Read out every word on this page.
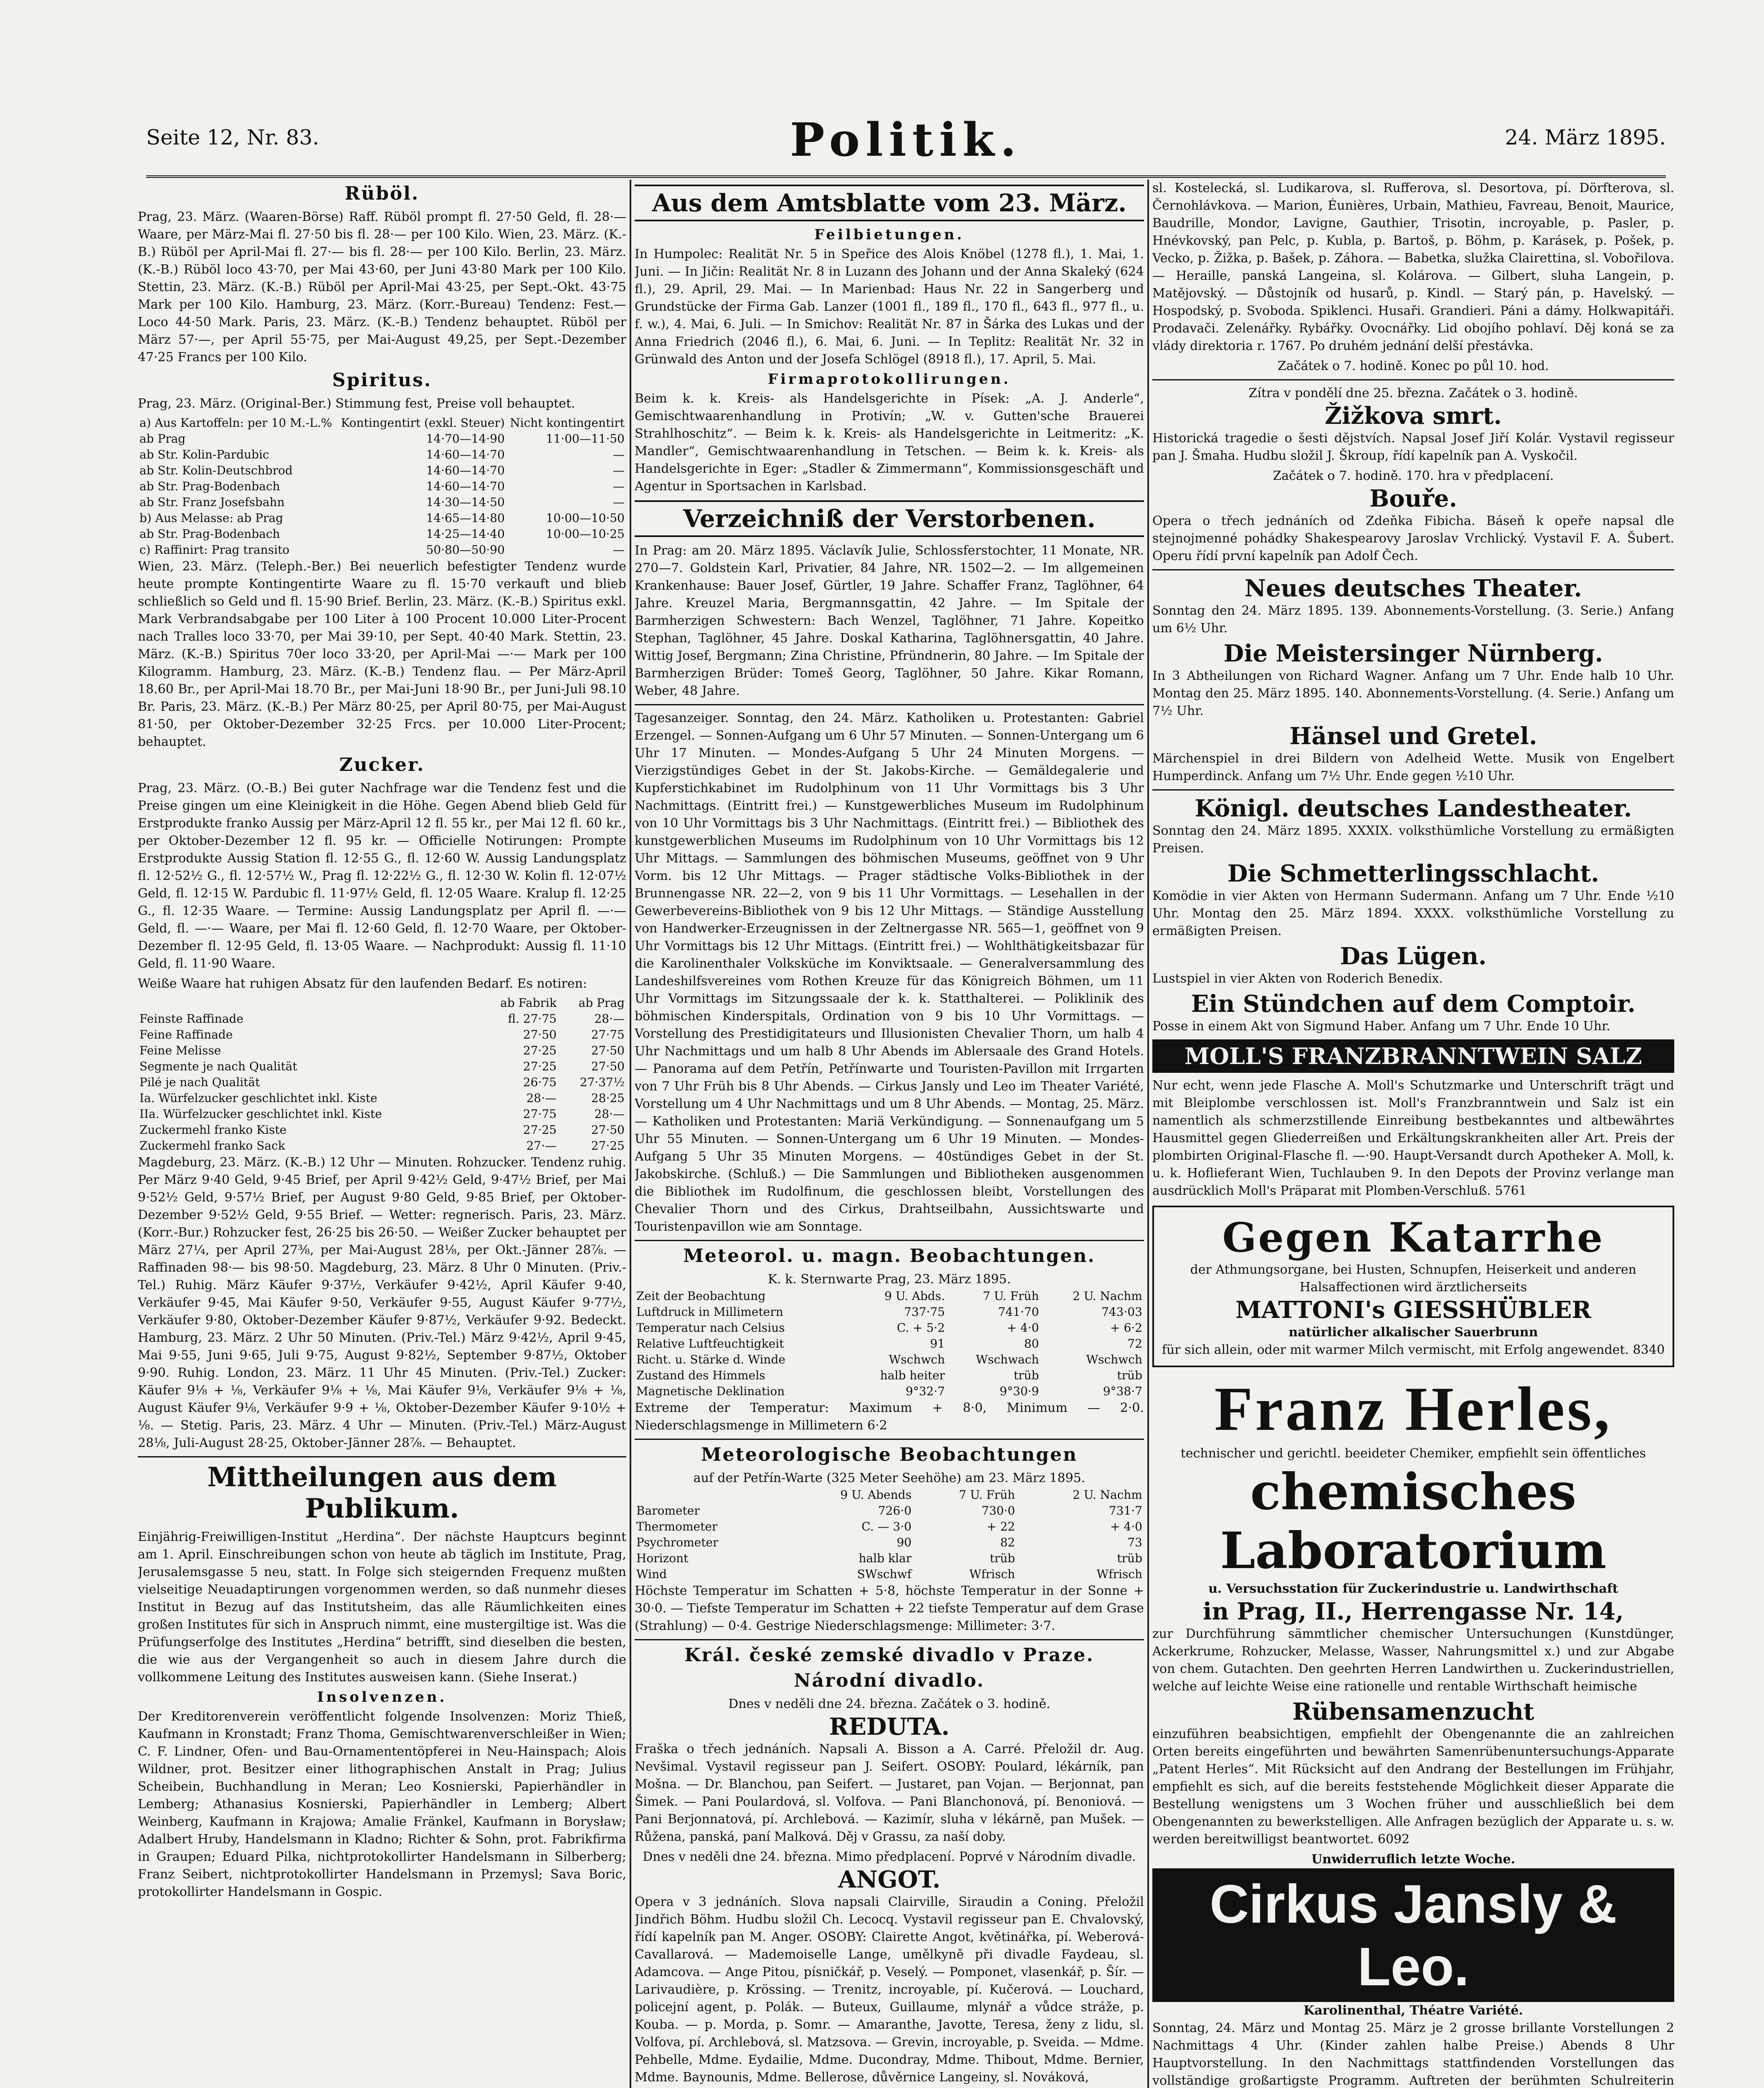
Seite 12, Nr. 83.	Politik.	24. März 1895.
Rüböl.

Prag, 23. März. (Waaren-Börse) Raff. Rüböl prompt fl. 27·50 Geld, fl. 28·— Waare, per März-Mai fl. 27·50 bis fl. 28·— per 100 Kilo. Wien, 23. März. (K.-B.) Rüböl per April-Mai fl. 27·— bis fl. 28·— per 100 Kilo. Berlin, 23. März. (K.-B.) Rüböl loco 43·70, per Mai 43·60, per Juni 43·80 Mark per 100 Kilo. Stettin, 23. März. (K.-B.) Rüböl per April-Mai 43·25, per Sept.-Okt. 43·75 Mark per 100 Kilo. Hamburg, 23. März. (Korr.-Bureau) Tendenz: Fest.— Loco 44·50 Mark. Paris, 23. März. (K.-B.) Tendenz behauptet. Rüböl per März 57·—, per April 55·75, per Mai-August 49,25, per Sept.-Dezember 47·25 Francs per 100 Kilo.

Spiritus.

Prag, 23. März. (Original-Ber.) Stimmung fest, Preise voll behauptet.

a) Aus Kartoffeln: per 10 M.-L.%	Kontingentirt (exkl. Steuer)	Nicht kontingentirt
ab Prag	14·70—14·90	11·00—11·50
ab Str. Kolin-Pardubic	14·60—14·70	—
ab Str. Kolin-Deutschbrod	14·60—14·70	—
ab Str. Prag-Bodenbach	14·60—14·70	—
ab Str. Franz Josefsbahn	14·30—14·50	—
b) Aus Melasse: ab Prag	14·65—14·80	10·00—10·50
ab Str. Prag-Bodenbach	14·25—14·40	10·00—10·25
c) Raffinirt: Prag transito	50·80—50·90	—

Wien, 23. März. (Teleph.-Ber.) Bei neuerlich befestigter Tendenz wurde heute prompte Kontingentirte Waare zu fl. 15·70 verkauft und blieb schließlich so Geld und fl. 15·90 Brief. Berlin, 23. März. (K.-B.) Spiritus exkl. Mark Verbrandsabgabe per 100 Liter à 100 Procent 10.000 Liter-Procent nach Tralles loco 33·70, per Mai 39·10, per Sept. 40·40 Mark. Stettin, 23. März. (K.-B.) Spiritus 70er loco 33·20, per April-Mai —·— Mark per 100 Kilogramm. Hamburg, 23. März. (K.-B.) Tendenz flau. — Per März-April 18.60 Br., per April-Mai 18.70 Br., per Mai-Juni 18·90 Br., per Juni-Juli 98.10 Br. Paris, 23. März. (K.-B.) Per März 80·25, per April 80·75, per Mai-August 81·50, per Oktober-Dezember 32·25 Frcs. per 10.000 Liter-Procent; behauptet.

Zucker.

Prag, 23. März. (O.-B.) Bei guter Nachfrage war die Tendenz fest und die Preise gingen um eine Kleinigkeit in die Höhe. Gegen Abend blieb Geld für Erstprodukte franko Aussig per März-April 12 fl. 55 kr., per Mai 12 fl. 60 kr., per Oktober-Dezember 12 fl. 95 kr. — Officielle Notirungen: Prompte Erstprodukte Aussig Station fl. 12·55 G., fl. 12·60 W. Aussig Landungsplatz fl. 12·52½ G., fl. 12·57½ W., Prag fl. 12·22½ G., fl. 12·30 W. Kolin fl. 12·07½ Geld, fl. 12·15 W. Pardubic fl. 11·97½ Geld, fl. 12·05 Waare. Kralup fl. 12·25 G., fl. 12·35 Waare. — Termine: Aussig Landungsplatz per April fl. —·— Geld, fl. —·— Waare, per Mai fl. 12·60 Geld, fl. 12·70 Waare, per Oktober-Dezember fl. 12·95 Geld, fl. 13·05 Waare. — Nachprodukt: Aussig fl. 11·10 Geld, fl. 11·90 Waare.

Weiße Waare hat ruhigen Absatz für den laufenden Bedarf. Es notiren:

	ab Fabrik	ab Prag
Feinste Raffinade	fl. 27·75	28·—
Feine Raffinade	27·50	27·75
Feine Melisse	27·25	27·50
Segmente je nach Qualität	27·25	27·50
Pilé je nach Qualität	26·75	27·37½
Ia. Würfelzucker geschlichtet inkl. Kiste	28·—	28·25
IIa. Würfelzucker geschlichtet inkl. Kiste	27·75	28·—
Zuckermehl franko Kiste	27·25	27·50
Zuckermehl franko Sack	27·—	27·25

Magdeburg, 23. März. (K.-B.) 12 Uhr — Minuten. Rohzucker. Tendenz ruhig. Per März 9·40 Geld, 9·45 Brief, per April 9·42½ Geld, 9·47½ Brief, per Mai 9·52½ Geld, 9·57½ Brief, per August 9·80 Geld, 9·85 Brief, per Oktober-Dezember 9·52½ Geld, 9·55 Brief. — Wetter: regnerisch. Paris, 23. März. (Korr.-Bur.) Rohzucker fest, 26·25 bis 26·50. — Weißer Zucker behauptet per März 27¼, per April 27⅜, per Mai-August 28⅛, per Okt.-Jänner 28⅞. — Raffinaden 98·— bis 98·50. Magdeburg, 23. März. 8 Uhr 0 Minuten. (Priv.-Tel.) Ruhig. März Käufer 9·37½, Verkäufer 9·42½, April Käufer 9·40, Verkäufer 9·45, Mai Käufer 9·50, Verkäufer 9·55, August Käufer 9·77½, Verkäufer 9·80, Oktober-Dezember Käufer 9·87½, Verkäufer 9·92. Bedeckt. Hamburg, 23. März. 2 Uhr 50 Minuten. (Priv.-Tel.) März 9·42½, April 9·45, Mai 9·55, Juni 9·65, Juli 9·75, August 9·82½, September 9·87½, Oktober 9·90. Ruhig. London, 23. März. 11 Uhr 45 Minuten. (Priv.-Tel.) Zucker: Käufer 9⅛ + ⅛, Verkäufer 9⅛ + ⅛, Mai Käufer 9⅛, Verkäufer 9⅛ + ⅛, August Käufer 9⅛, Verkäufer 9·9 + ⅛, Oktober-Dezember Käufer 9·10½ + ⅛. — Stetig. Paris, 23. März. 4 Uhr — Minuten. (Priv.-Tel.) März-August 28⅛, Juli-August 28·25, Oktober-Jänner 28⅞. — Behauptet.

Mittheilungen aus dem Publikum.

Einjährig-Freiwilligen-Institut „Herdina“. Der nächste Hauptcurs beginnt am 1. April. Einschreibungen schon von heute ab täglich im Institute, Prag, Jerusalemsgasse 5 neu, statt. In Folge sich steigernden Frequenz mußten vielseitige Neuadaptirungen vorgenommen werden, so daß nunmehr dieses Institut in Bezug auf das Institutsheim, das alle Räumlichkeiten eines großen Institutes für sich in Anspruch nimmt, eine mustergiltige ist. Was die Prüfungserfolge des Institutes „Herdina“ betrifft, sind dieselben die besten, die wie aus der Vergangenheit so auch in diesem Jahre durch die vollkommene Leitung des Institutes ausweisen kann. (Siehe Inserat.)

Insolvenzen.

Der Kreditorenverein veröffentlicht folgende Insolvenzen: Moriz Thieß, Kaufmann in Kronstadt; Franz Thoma, Gemischtwarenverschleißer in Wien; C. F. Lindner, Ofen- und Bau-Ornamententöpferei in Neu-Hainspach; Alois Wildner, prot. Besitzer einer lithographischen Anstalt in Prag; Julius Scheibein, Buchhandlung in Meran; Leo Kosnierski, Papierhändler in Lemberg; Athanasius Kosnierski, Papierhändler in Lemberg; Albert Weinberg, Kaufmann in Krajowa; Amalie Fränkel, Kaufmann in Borysław; Adalbert Hruby, Handelsmann in Kladno; Richter & Sohn, prot. Fabrikfirma in Graupen; Eduard Pilka, nichtprotokollirter Handelsmann in Silberberg; Franz Seibert, nichtprotokollirter Handelsmann in Przemysl; Sava Boric, protokollirter Handelsmann in Gospic.

Aus dem Amtsblatte vom 23. März.
Feilbietungen.

In Humpolec: Realität Nr. 5 in Speřice des Alois Knöbel (1278 fl.), 1. Mai, 1. Juni. — In Jičin: Realität Nr. 8 in Luzann des Johann und der Anna Skaleký (624 fl.), 29. April, 29. Mai. — In Marienbad: Haus Nr. 22 in Sangerberg und Grundstücke der Firma Gab. Lanzer (1001 fl., 189 fl., 170 fl., 643 fl., 977 fl., u. f. w.), 4. Mai, 6. Juli. — In Smichov: Realität Nr. 87 in Šárka des Lukas und der Anna Friedrich (2046 fl.), 6. Mai, 6. Juni. — In Teplitz: Realität Nr. 32 in Grünwald des Anton und der Josefa Schlögel (8918 fl.), 17. April, 5. Mai.

Firmaprotokollirungen.

Beim k. k. Kreis- als Handelsgerichte in Písek: „A. J. Anderle“, Gemischtwaarenhandlung in Protivín; „W. v. Gutten'sche Brauerei Strahlhoschitz“. — Beim k. k. Kreis- als Handelsgerichte in Leitmeritz: „K. Mandler“, Gemischtwaarenhandlung in Tetschen. — Beim k. k. Kreis- als Handelsgerichte in Eger: „Stadler & Zimmermann“, Kommissionsgeschäft und Agentur in Sportsachen in Karlsbad.

Verzeichniß der Verstorbenen.

In Prag: am 20. März 1895. Václavík Julie, Schlossferstochter, 11 Monate, NR. 270—7. Goldstein Karl, Privatier, 84 Jahre, NR. 1502—2. — Im allgemeinen Krankenhause: Bauer Josef, Gürtler, 19 Jahre. Schaffer Franz, Taglöhner, 64 Jahre. Kreuzel Maria, Bergmannsgattin, 42 Jahre. — Im Spitale der Barmherzigen Schwestern: Bach Wenzel, Taglöhner, 71 Jahre. Kopeitko Stephan, Taglöhner, 45 Jahre. Doskal Katharina, Taglöhnersgattin, 40 Jahre. Wittig Josef, Bergmann; Zina Christine, Pfründnerin, 80 Jahre. — Im Spitale der Barmherzigen Brüder: Tomeš Georg, Taglöhner, 50 Jahre. Kikar Romann, Weber, 48 Jahre.

Tagesanzeiger. Sonntag, den 24. März. Katholiken u. Protestanten: Gabriel Erzengel. — Sonnen-Aufgang um 6 Uhr 57 Minuten. — Sonnen-Untergang um 6 Uhr 17 Minuten. — Mondes-Aufgang 5 Uhr 24 Minuten Morgens. — Vierzigstündiges Gebet in der St. Jakobs-Kirche. — Gemäldegalerie und Kupferstichkabinet im Rudolphinum von 11 Uhr Vormittags bis 3 Uhr Nachmittags. (Eintritt frei.) — Kunstgewerbliches Museum im Rudolphinum von 10 Uhr Vormittags bis 3 Uhr Nachmittags. (Eintritt frei.) — Bibliothek des kunstgewerblichen Museums im Rudolphinum von 10 Uhr Vormittags bis 12 Uhr Mittags. — Sammlungen des böhmischen Museums, geöffnet von 9 Uhr Vorm. bis 12 Uhr Mittags. — Prager städtische Volks-Bibliothek in der Brunnengasse NR. 22—2, von 9 bis 11 Uhr Vormittags. — Lesehallen in der Gewerbevereins-Bibliothek von 9 bis 12 Uhr Mittags. — Ständige Ausstellung von Handwerker-Erzeugnissen in der Zeltnergasse NR. 565—1, geöffnet von 9 Uhr Vormittags bis 12 Uhr Mittags. (Eintritt frei.) — Wohlthätigkeitsbazar für die Karolinenthaler Volksküche im Konviktsaale. — Generalversammlung des Landeshilfsvereines vom Rothen Kreuze für das Königreich Böhmen, um 11 Uhr Vormittags im Sitzungssaale der k. k. Statthalterei. — Poliklinik des böhmischen Kinderspitals, Ordination von 9 bis 10 Uhr Vormittags. — Vorstellung des Prestidigitateurs und Illusionisten Chevalier Thorn, um halb 4 Uhr Nachmittags und um halb 8 Uhr Abends im Ablersaale des Grand Hotels. — Panorama auf dem Petřín, Petřínwarte und Touristen-Pavillon mit Irrgarten von 7 Uhr Früh bis 8 Uhr Abends. — Cirkus Jansly und Leo im Theater Variété, Vorstellung um 4 Uhr Nachmittags und um 8 Uhr Abends. — Montag, 25. März. — Katholiken und Protestanten: Mariä Verkündigung. — Sonnenaufgang um 5 Uhr 55 Minuten. — Sonnen-Untergang um 6 Uhr 19 Minuten. — Mondes-Aufgang 5 Uhr 35 Minuten Morgens. — 40stündiges Gebet in der St. Jakobskirche. (Schluß.) — Die Sammlungen und Bibliotheken ausgenommen die Bibliothek im Rudolfinum, die geschlossen bleibt, Vorstellungen des Chevalier Thorn und des Cirkus, Drahtseilbahn, Aussichtswarte und Touristenpavillon wie am Sonntage.

Meteorol. u. magn. Beobachtungen.
K. k. Sternwarte Prag, 23. März 1895.
Zeit der Beobachtung	9 U. Abds.	7 U. Früh	2 U. Nachm
Luftdruck in Millimetern	737·75	741·70	743·03
Temperatur nach Celsius	C. + 5·2	+ 4·0	+ 6·2
Relative Luftfeuchtigkeit	91	80	72
Richt. u. Stärke d. Winde	Wschwch	Wschwach	Wschwch
Zustand des Himmels	halb heiter	trüb	trüb
Magnetische Deklination	9°32·7	9°30·9	9°38·7

Extreme der Temperatur: Maximum + 8·0, Minimum — 2·0. Niederschlagsmenge in Millimetern 6·2

Meteorologische Beobachtungen
auf der Petřín-Warte (325 Meter Seehöhe) am 23. März 1895.
	9 U. Abends	7 U. Früh	2 U. Nachm
Barometer	726·0	730·0	731·7
Thermometer	C. — 3·0	+ 22	+ 4·0
Psychrometer	90	82	73
Horizont	halb klar	trüb	trüb
Wind	SWschwf	Wfrisch	Wfrisch

Höchste Temperatur im Schatten + 5·8, höchste Temperatur in der Sonne + 30·0. — Tiefste Temperatur im Schatten + 22 tiefste Temperatur auf dem Grase (Strahlung) — 0·4. Gestrige Niederschlagsmenge: Millimeter: 3·7.

Král. české zemské divadlo v Praze.
Národní divadlo.
Dnes v neděli dne 24. března. Začátek o 3. hodině.
REDUTA.

Fraška o třech jednáních. Napsali A. Bisson a A. Carré. Přeložil dr. Aug. Nevšimal. Vystavil regisseur pan J. Seifert. OSOBY: Poulard, lékárník, pan Mošna. — Dr. Blanchou, pan Seifert. — Justaret, pan Vojan. — Berjonnat, pan Šimek. — Pani Poulardová, sl. Volfova. — Pani Blanchonová, pí. Benoniová. — Pani Berjonnatová, pí. Archlebová. — Kazimír, sluha v lékárně, pan Mušek. — Růžena, panská, paní Malková. Děj v Grassu, za naší doby.

Dnes v neděli dne 24. března. Mimo předplacení. Poprvé v Národním divadle.
ANGOT.

Opera v 3 jednáních. Slova napsali Clairville, Siraudin a Coning. Přeložil Jindřich Böhm. Hudbu složil Ch. Lecocq. Vystavil regisseur pan E. Chvalovský, řídí kapelník pan M. Anger. OSOBY: Clairette Angot, květinářka, pí. Weberová-Cavallarová. — Mademoiselle Lange, umělkyně při divadle Faydeau, sl. Adamcova. — Ange Pitou, písničkář, p. Veselý. — Pomponet, vlasenkář, p. Šír. — Larivaudière, p. Krössing. — Trenitz, incroyable, pí. Kučerová. — Louchard, policejní agent, p. Polák. — Buteux, Guillaume, mlynář a vůdce stráže, p. Kouba. — p. Morda, p. Somr. — Amaranthe, Javotte, Teresa, ženy z lidu, sl. Volfova, pí. Archlebová, sl. Matzsova. — Grevin, incroyable, p. Sveida. — Mdme. Pehbelle, Mdme. Eydailie, Mdme. Ducondray, Mdme. Thibout, Mdme. Bernier, Mdme. Baynounis, Mdme. Bellerose, důvěrnice Langeiny, sl. Nováková,

sl. Kostelecká, sl. Ludikarova, sl. Rufferova, sl. Desortova, pí. Dörfterova, sl. Černohlávkova. — Marion, Éunières, Urbain, Mathieu, Favreau, Benoit, Maurice, Baudrille, Mondor, Lavigne, Gauthier, Trisotin, incroyable, p. Pasler, p. Hnévkovský, pan Pelc, p. Kubla, p. Bartoš, p. Böhm, p. Karásek, p. Pošek, p. Vecko, p. Žižka, p. Bašek, p. Záhora. — Babetka, služka Clairettina, sl. Vobořilova. — Heraille, panská Langeina, sl. Kolárova. — Gilbert, sluha Langein, p. Matějovský. — Důstojník od husarů, p. Kindl. — Starý pán, p. Havelský. — Hospodský, p. Svoboda. Spiklenci. Husaři. Grandieri. Páni a dámy. Holkwapitáři. Prodavači. Zelenářky. Rybářky. Ovocnářky. Lid obojího pohlaví. Děj koná se za vlády direktoria r. 1767. Po druhém jednání delší přestávka.

Začátek o 7. hodině. Konec po půl 10. hod.
Zítra v pondělí dne 25. března. Začátek o 3. hodině.
Žižkova smrt.

Historická tragedie o šesti dějstvích. Napsal Josef Jiří Kolár. Vystavil regisseur pan J. Šmaha. Hudbu složil J. Škroup, řídí kapelník pan A. Vyskočil.

Začátek o 7. hodině. 170. hra v předplacení.
Bouře.

Opera o třech jednáních od Zdeňka Fibicha. Báseň k opeře napsal dle stejnojmenné pohádky Shakespearovy Jaroslav Vrchlický. Vystavil F. A. Šubert. Operu řídí první kapelník pan Adolf Čech.

Neues deutsches Theater.

Sonntag den 24. März 1895. 139. Abonnements-Vorstellung. (3. Serie.) Anfang um 6½ Uhr.

Die Meistersinger Nürnberg.

In 3 Abtheilungen von Richard Wagner. Anfang um 7 Uhr. Ende halb 10 Uhr. Montag den 25. März 1895. 140. Abonnements-Vorstellung. (4. Serie.) Anfang um 7½ Uhr.

Hänsel und Gretel.

Märchenspiel in drei Bildern von Adelheid Wette. Musik von Engelbert Humperdinck. Anfang um 7½ Uhr. Ende gegen ½10 Uhr.

Königl. deutsches Landestheater.

Sonntag den 24. März 1895. XXXIX. volksthümliche Vorstellung zu ermäßigten Preisen.

Die Schmetterlingsschlacht.

Komödie in vier Akten von Hermann Sudermann. Anfang um 7 Uhr. Ende ½10 Uhr. Montag den 25. März 1894. XXXX. volksthümliche Vorstellung zu ermäßigten Preisen.

Das Lügen.

Lustspiel in vier Akten von Roderich Benedix.

Ein Stündchen auf dem Comptoir.

Posse in einem Akt von Sigmund Haber. Anfang um 7 Uhr. Ende 10 Uhr.

MOLL'S FRANZBRANNTWEIN SALZ

Nur echt, wenn jede Flasche A. Moll's Schutzmarke und Unterschrift trägt und mit Bleiplombe verschlossen ist. Moll's Franzbranntwein und Salz ist ein namentlich als schmerzstillende Einreibung bestbekanntes und altbewährtes Hausmittel gegen Gliederreißen und Erkältungskrankheiten aller Art. Preis der plombirten Original-Flasche fl. —·90. Haupt-Versandt durch Apotheker A. Moll, k. u. k. Hoflieferant Wien, Tuchlauben 9. In den Depots der Provinz verlange man ausdrücklich Moll's Präparat mit Plomben-Verschluß. 5761

Gegen Katarrhe
der Athmungsorgane, bei Husten, Schnupfen, Heiserkeit und anderen Halsaffectionen wird ärztlicherseits
MATTONI's GIESSHÜBLER
natürlicher alkalischer Sauerbrunn
für sich allein, oder mit warmer Milch vermischt, mit Erfolg angewendet. 8340
Franz Herles,
technischer und gerichtl. beeideter Chemiker, empfiehlt sein öffentliches
chemisches Laboratorium
u. Versuchsstation für Zuckerindustrie u. Landwirthschaft
in Prag, II., Herrengasse Nr. 14,

zur Durchführung sämmtlicher chemischer Untersuchungen (Kunstdünger, Ackerkrume, Rohzucker, Melasse, Wasser, Nahrungsmittel x.) und zur Abgabe von chem. Gutachten. Den geehrten Herren Landwirthen u. Zuckerindustriellen, welche auf leichte Weise eine rationelle und rentable Wirthschaft heimische

Rübensamenzucht

einzuführen beabsichtigen, empfiehlt der Obengenannte die an zahlreichen Orten bereits eingeführten und bewährten Samenrübenuntersuchungs-Apparate „Patent Herles“. Mit Rücksicht auf den Andrang der Bestellungen im Frühjahr, empfiehlt es sich, auf die bereits feststehende Möglichkeit dieser Apparate die Bestellung wenigstens um 3 Wochen früher und ausschließlich bei dem Obengenannten zu bewerkstelligen. Alle Anfragen bezüglich der Apparate u. s. w. werden bereitwilligst beantwortet. 6092

Unwiderruflich letzte Woche.
Cirkus Jansly & Leo.
Karolinenthal, Théatre Variété.

Sonntag, 24. März und Montag 25. März je 2 grosse brillante Vorstellungen 2 Nachmittags 4 Uhr. (Kinder zahlen halbe Preise.) Abends 8 Uhr Hauptvorstellung. In den Nachmittags stattfindenden Vorstellungen das vollständige großartigste Programm. Auftreten der berühmten Schulreiterin
